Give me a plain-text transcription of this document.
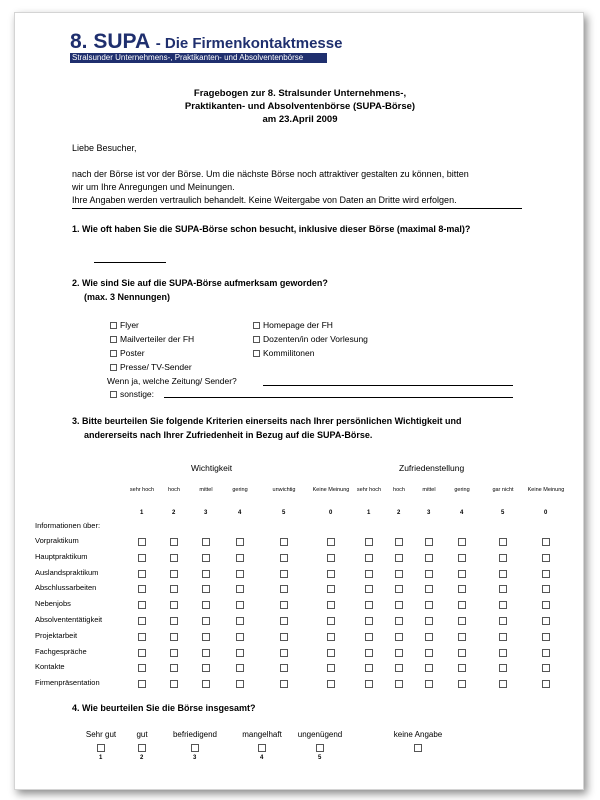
8. SUPA - Die Firmenkontaktmesse
Stralsunder Unternehmens-, Praktikanten- und Absolventenbörse
Fragebogen zur 8. Stralsunder Unternehmens-,
Praktikanten- und Absolventenbörse (SUPA-Börse)
am 23.April 2009
Liebe Besucher,
nach der Börse ist vor der Börse. Um die nächste Börse noch attraktiver gestalten zu können, bitten
wir um Ihre Anregungen und Meinungen.
Ihre Angaben werden vertraulich behandelt. Keine Weitergabe von Daten an Dritte wird erfolgen.
1. Wie oft haben Sie die SUPA-Börse schon besucht, inklusive dieser Börse (maximal 8-mal)?
2. Wie sind Sie auf die SUPA-Börse aufmerksam geworden?
(max. 3 Nennungen)
Flyer
Mailverteiler der FH
Poster
Presse/ TV-Sender
Homepage der FH
Dozenten/in oder Vorlesung
Kommilitonen
Wenn ja, welche Zeitung/ Sender?
sonstige:
3. Bitte beurteilen Sie folgende Kriterien einerseits nach Ihrer persönlichen Wichtigkeit und
andererseits nach Ihrer Zufriedenheit in Bezug auf die SUPA-Börse.
Wichtigkeit	Zufriedenstellung
sehr hoch
1
hoch
2
mittel
3
gering
4
unwichtig
5
Keine Meinung
0
sehr hoch
1
hoch
2
mittel
3
gering
4
gar nicht
5
Keine Meinung
0
Informationen über:
Vorpraktikum
Hauptpraktikum
Auslandspraktikum
Abschlussarbeiten
Nebenjobs
Absolvententätigkeit
Projektarbeit
Fachgespräche
Kontakte
Firmenpräsentation
4. Wie beurteilen Sie die Börse insgesamt?
Sehr gut
1
gut
2
befriedigend
3
mangelhaft
4
ungenügend
5
keine Angabe
